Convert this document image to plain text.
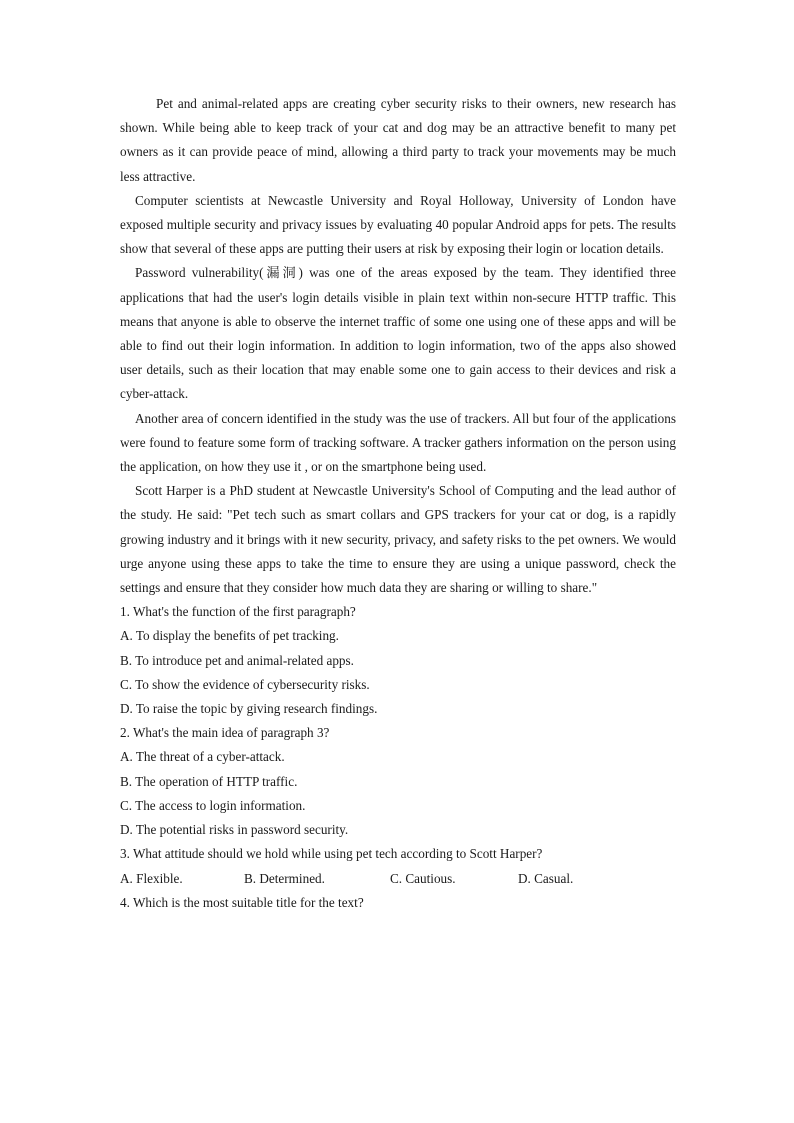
Pet and animal-related apps are creating cyber security risks to their owners, new research has shown. While being able to keep track of your cat and dog may be an attractive benefit to many pet owners as it can provide peace of mind, allowing a third party to track your movements may be much less attractive.

Computer scientists at Newcastle University and Royal Holloway, University of London have exposed multiple security and privacy issues by evaluating 40 popular Android apps for pets. The results show that several of these apps are putting their users at risk by exposing their login or location details.

Password vulnerability(漏洞) was one of the areas exposed by the team. They identified three applications that had the user's login details visible in plain text within non-secure HTTP traffic. This means that anyone is able to observe the internet traffic of some one using one of these apps and will be able to find out their login information. In addition to login information, two of the apps also showed user details, such as their location that may enable some one to gain access to their devices and risk a cyber-attack.

Another area of concern identified in the study was the use of trackers. All but four of the applications were found to feature some form of tracking software. A tracker gathers information on the person using the application, on how they use it , or on the smartphone being used.

Scott Harper is a PhD student at Newcastle University's School of Computing and the lead author of the study. He said: "Pet tech such as smart collars and GPS trackers for your cat or dog, is a rapidly growing industry and it brings with it new security, privacy, and safety risks to the pet owners. We would urge anyone using these apps to take the time to ensure they are using a unique password, check the settings and ensure that they consider how much data they are sharing or willing to share."

1. What's the function of the first paragraph?

A. To display the benefits of pet tracking.

B. To introduce pet and animal-related apps.

C. To show the evidence of cybersecurity risks.

D. To raise the topic by giving research findings.

2. What's the main idea of paragraph 3?

A. The threat of a cyber-attack.

B. The operation of HTTP traffic.

C. The access to login information.

D. The potential risks in password security.

3. What attitude should we hold while using pet tech according to Scott Harper?

A. Flexible.	B. Determined.	C. Cautious.	D. Casual.

4. Which is the most suitable title for the text?
